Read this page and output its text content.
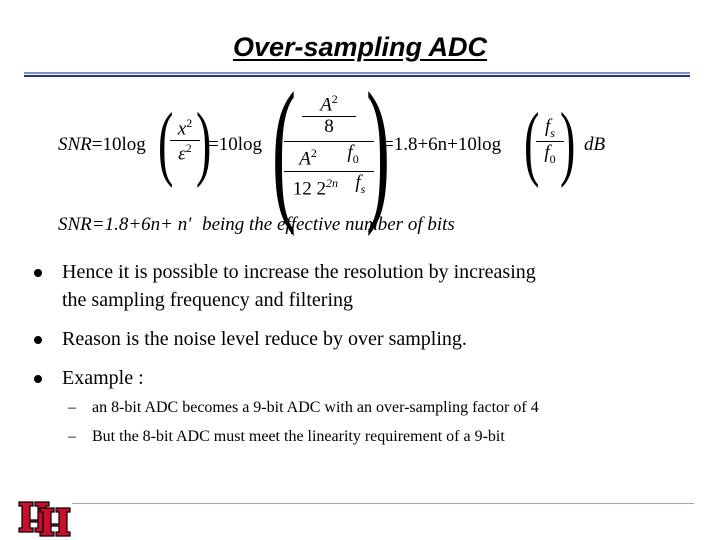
Over-sampling ADC
SNR=10log (
$\frac{x^2}{\varepsilon^2}$
)
=10log (	$A^2$
8
$A^2$ $f_0$
12 $2^{2n}$ $f_s$ )
=1.8+6n+10log (
$\frac{f_s}{f_0}$
) dB
SNR=1.8+6n+ n' being the effective number of bits
Hence it is possible to increase the resolution by increasing
the sampling frequency and filtering
Reason is the noise level reduce by over sampling.
Example :
– an 8-bit ADC becomes a 9-bit ADC with an over-sampling factor of 4
– But the 8-bit ADC must meet the linearity requirement of a 9-bit
